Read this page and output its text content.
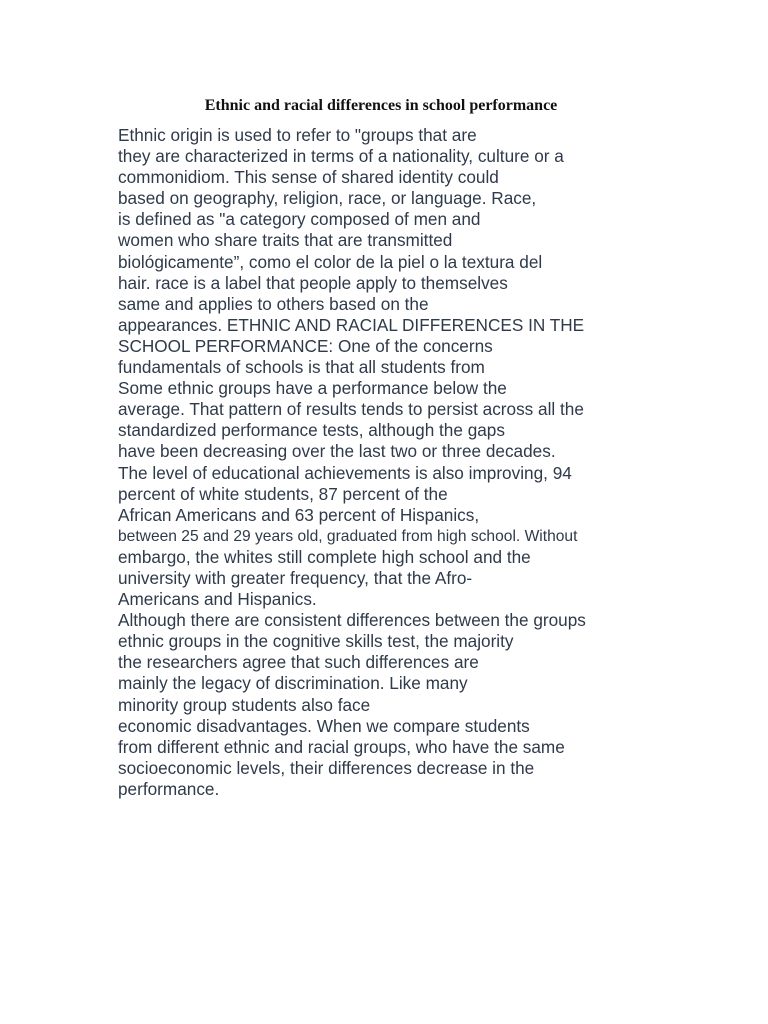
Ethnic and racial differences in school performance
Ethnic origin is used to refer to "groups that are
they are characterized in terms of a nationality, culture or a
commonidiom. This sense of shared identity could
based on geography, religion, race, or language. Race,
is defined as "a category composed of men and
women who share traits that are transmitted
biológicamente”, como el color de la piel o la textura del
hair. race is a label that people apply to themselves
same and applies to others based on the
appearances. ETHNIC AND RACIAL DIFFERENCES IN THE
SCHOOL PERFORMANCE: One of the concerns
fundamentals of schools is that all students from
Some ethnic groups have a performance below the
average. That pattern of results tends to persist across all the
standardized performance tests, although the gaps
have been decreasing over the last two or three decades.
The level of educational achievements is also improving, 94
percent of white students, 87 percent of the
African Americans and 63 percent of Hispanics,
between 25 and 29 years old, graduated from high school. Without
embargo, the whites still complete high school and the
university with greater frequency, that the Afro-
Americans and Hispanics.
Although there are consistent differences between the groups
ethnic groups in the cognitive skills test, the majority
the researchers agree that such differences are
mainly the legacy of discrimination. Like many
minority group students also face
economic disadvantages. When we compare students
from different ethnic and racial groups, who have the same
socioeconomic levels, their differences decrease in the
performance.
